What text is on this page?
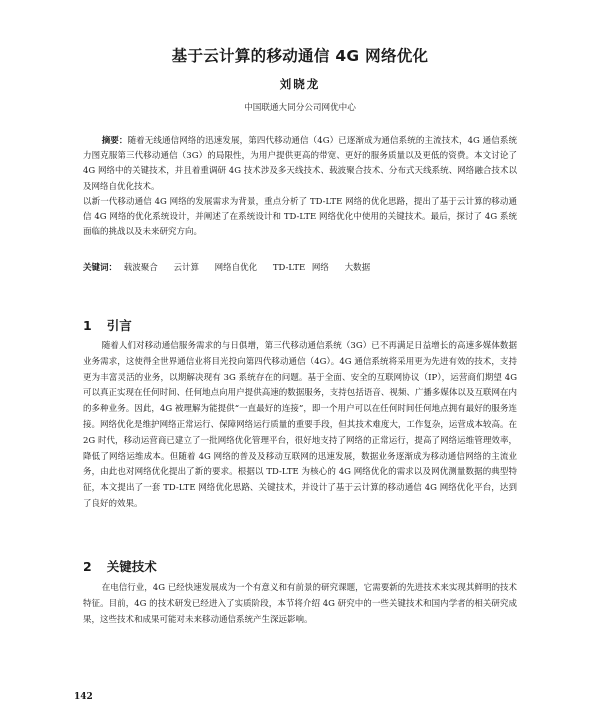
基于云计算的移动通信 4G 网络优化
刘晓龙
中国联通大同分公司网优中心

摘要：随着无线通信网络的迅速发展，第四代移动通信（4G）已逐渐成为通信系统的主流技术，4G 通信系统力图克服第三代移动通信（3G）的局限性，为用户提供更高的带宽、更好的服务质量以及更低的资费。本文讨论了 4G 网络中的关键技术，并且着重调研 4G 技术涉及多天线技术、载波聚合技术、分布式天线系统、网络融合技术以及网络自优化技术。

以新一代移动通信 4G 网络的发展需求为背景，重点分析了 TD-LTE 网络的优化思路，提出了基于云计算的移动通信 4G 网络的优化系统设计，并阐述了在系统设计和 TD-LTE 网络优化中使用的关键技术。最后，探讨了 4G 系统面临的挑战以及未来研究方向。

关键词： 载波聚合 云计算 网络自优化 TD-LTE 网络 大数据
1 引言

随着人们对移动通信服务需求的与日俱增，第三代移动通信系统（3G）已不再满足日益增长的高速多媒体数据业务需求，这使得全世界通信业将目光投向第四代移动通信（4G）。4G 通信系统将采用更为先进有效的技术，支持更为丰富灵活的业务，以期解决现有 3G 系统存在的问题。基于全面、安全的互联网协议（IP），运营商们期望 4G 可以真正实现在任何时间、任何地点向用户提供高速的数据服务，支持包括语音、视频、广播多媒体以及互联网在内的多种业务。因此，4G 被理解为能提供“一直最好的连接”，即一个用户可以在任何时间任何地点拥有最好的服务连接。网络优化是维护网络正常运行、保障网络运行质量的重要手段，但其技术难度大，工作复杂，运营成本较高。在 2G 时代，移动运营商已建立了一批网络优化管理平台，很好地支持了网络的正常运行，提高了网络运维管理效率，降低了网络运维成本。但随着 4G 网络的普及及移动互联网的迅速发展，数据业务逐渐成为移动通信网络的主流业务，由此也对网络优化提出了新的要求。根据以 TD-LTE 为核心的 4G 网络优化的需求以及网优测量数据的典型特征，本文提出了一套 TD-LTE 网络优化思路、关键技术，并设计了基于云计算的移动通信 4G 网络优化平台，达到了良好的效果。

2 关键技术

在电信行业，4G 已经快速发展成为一个有意义和有前景的研究课题，它需要新的先进技术来实现其鲜明的技术特征。目前，4G 的技术研发已经进入了实质阶段，本节将介绍 4G 研究中的一些关键技术和国内学者的相关研究成果，这些技术和成果可能对未来移动通信系统产生深远影响。

142
